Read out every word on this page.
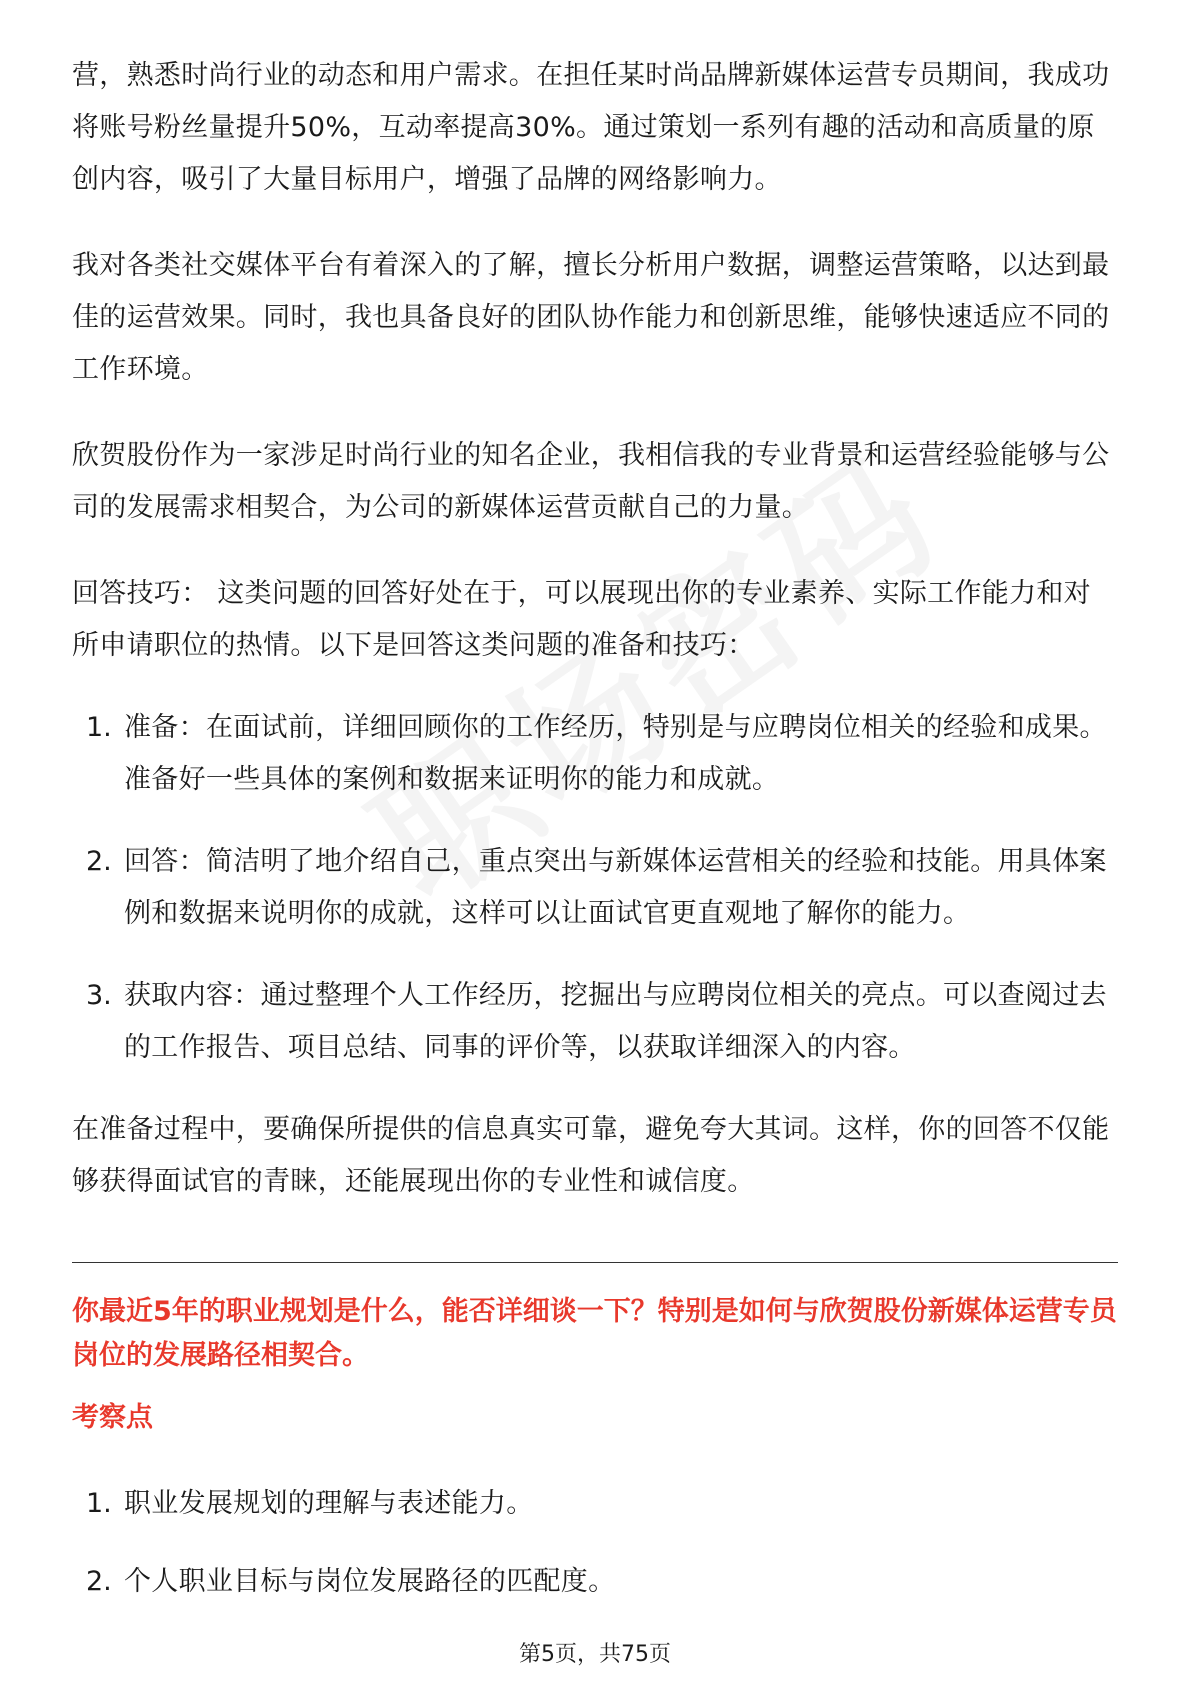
营，熟悉时尚行业的动态和用户需求。在担任某时尚品牌新媒体运营专员期间，我成功将账号粉丝量提升50%，互动率提高30%。通过策划一系列有趣的活动和高质量的原创内容，吸引了大量目标用户，增强了品牌的网络影响力。

我对各类社交媒体平台有着深入的了解，擅长分析用户数据，调整运营策略，以达到最佳的运营效果。同时，我也具备良好的团队协作能力和创新思维，能够快速适应不同的工作环境。

欣贺股份作为一家涉足时尚行业的知名企业，我相信我的专业背景和运营经验能够与公司的发展需求相契合，为公司的新媒体运营贡献自己的力量。

回答技巧： 这类问题的回答好处在于，可以展现出你的专业素养、实际工作能力和对所申请职位的热情。以下是回答这类问题的准备和技巧：

1. 准备：在面试前，详细回顾你的工作经历，特别是与应聘岗位相关的经验和成果。准备好一些具体的案例和数据来证明你的能力和成就。

2. 回答：简洁明了地介绍自己，重点突出与新媒体运营相关的经验和技能。用具体案例和数据来说明你的成就，这样可以让面试官更直观地了解你的能力。

3. 获取内容：通过整理个人工作经历，挖掘出与应聘岗位相关的亮点。可以查阅过去的工作报告、项目总结、同事的评价等，以获取详细深入的内容。

在准备过程中，要确保所提供的信息真实可靠，避免夸大其词。这样，你的回答不仅能够获得面试官的青睐，还能展现出你的专业性和诚信度。

你最近5年的职业规划是什么，能否详细谈一下？特别是如何与欣贺股份新媒体运营专员岗位的发展路径相契合。

考察点

1. 职业发展规划的理解与表述能力。

2. 个人职业目标与岗位发展路径的匹配度。

第5页，共75页
